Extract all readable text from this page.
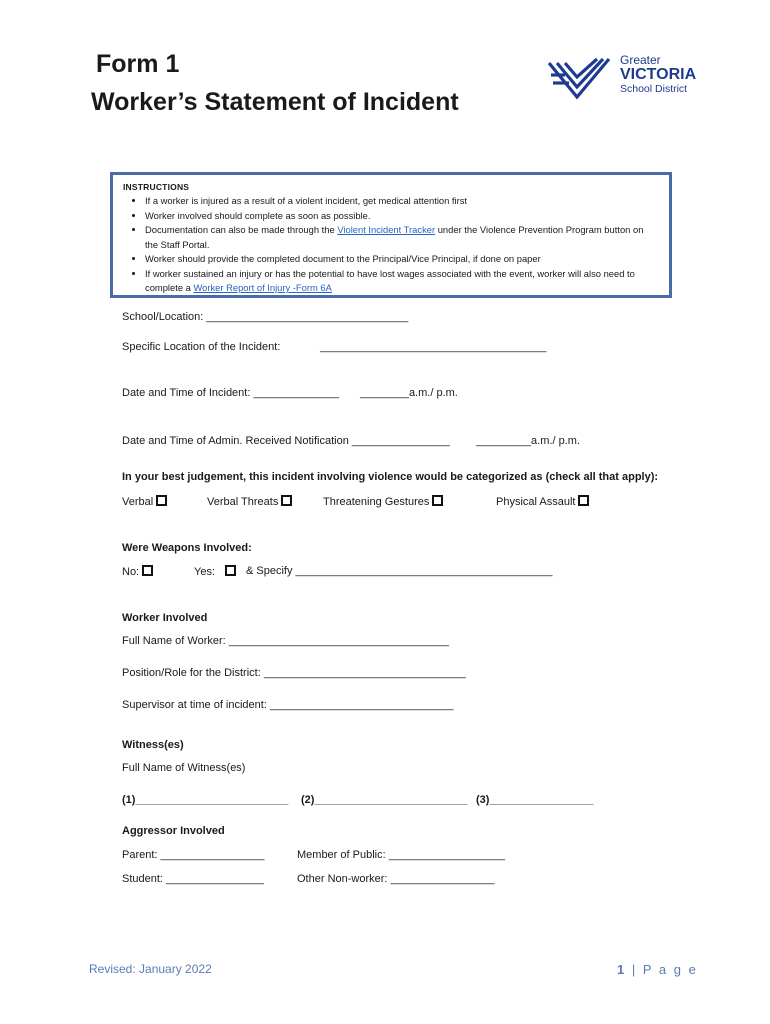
Form 1
Worker’s Statement of Incident
Greater
VICTORIA
School District
INSTRUCTIONS
• If a worker is injured as a result of a violent incident, get medical attention first
• Worker involved should complete as soon as possible.
• Documentation can also be made through the Violent Incident Tracker under the Violence Prevention Program button on the Staff Portal.
• Worker should provide the completed document to the Principal/Vice Principal, if done on paper
• If worker sustained an injury or has the potential to have lost wages associated with the event, worker will also need to complete a Worker Report of Injury -Form 6A
School/Location: _________________________________
Specific Location of the Incident:	_____________________________________
Date and Time of Incident: ______________ ________a.m./ p.m.
Date and Time of Admin. Received Notification ________________ _________a.m./ p.m.
In your best judgement, this incident involving violence would be categorized as (check all that apply):
Verbal	Verbal Threats	Threatening Gestures	Physical Assault
Were Weapons Involved:
No:	Yes:	& Specify __________________________________________
Worker Involved
Full Name of Worker: ____________________________________
Position/Role for the District: _________________________________
Supervisor at time of incident: ______________________________
Witness(es)
Full Name of Witness(es)
(1)_________________________ (2)_________________________ (3)_________________
Aggressor Involved
Parent: _________________	Member of Public: ___________________
Student: ________________	Other Non-worker: _________________
Revised: January 2022	1 | P a g e
